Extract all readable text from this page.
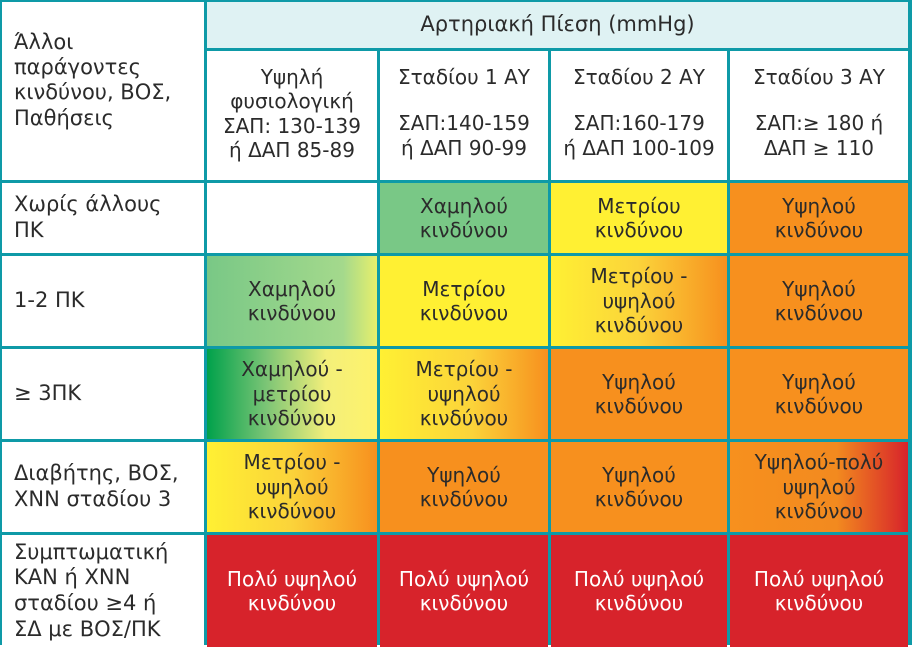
Άλλοι
παράγοντες
κινδύνου, ΒΟΣ,
Παθήσεις
Αρτηριακή Πίεση (mmHg)
Υψηλή
φυσιολογική
ΣΑΠ: 130-139
ή ΔΑΠ 85-89
Σταδίου 1 ΑΥ
ΣΑΠ:140-159
ή ΔΑΠ 90-99
Σταδίου 2 ΑΥ
ΣΑΠ:160-179
ή ΔΑΠ 100-109
Σταδίου 3 ΑΥ
ΣΑΠ:≥ 180 ή
ΔΑΠ ≥ 110
Χωρίς άλλους
ΠΚ
Χαμηλού
κινδύνου
Μετρίου
κινδύνου
Υψηλού
κινδύνου
1-2 ΠΚ	Χαμηλού
κινδύνου
Μετρίου
κινδύνου
Μετρίου -
υψηλού
κινδύνου
Υψηλού
κινδύνου
≥ 3ΠΚ
Χαμηλού -
μετρίου
κινδύνου
Μετρίου -
υψηλού
κινδύνου
Υψηλού
κινδύνου
Υψηλού
κινδύνου
Διαβήτης, ΒΟΣ,
ΧΝΝ σταδίου 3
Μετρίου -
υψηλού
κινδύνου
Υψηλού
κινδύνου
Υψηλού
κινδύνου
Υψηλού-πολύ
υψηλού
κινδύνου
Συμπτωματική
ΚΑΝ ή ΧΝΝ
σταδίου ≥4 ή
ΣΔ με ΒΟΣ/ΠΚ
Πολύ υψηλού
κινδύνου
Πολύ υψηλού
κινδύνου
Πολύ υψηλού
κινδύνου
Πολύ υψηλού
κινδύνου
